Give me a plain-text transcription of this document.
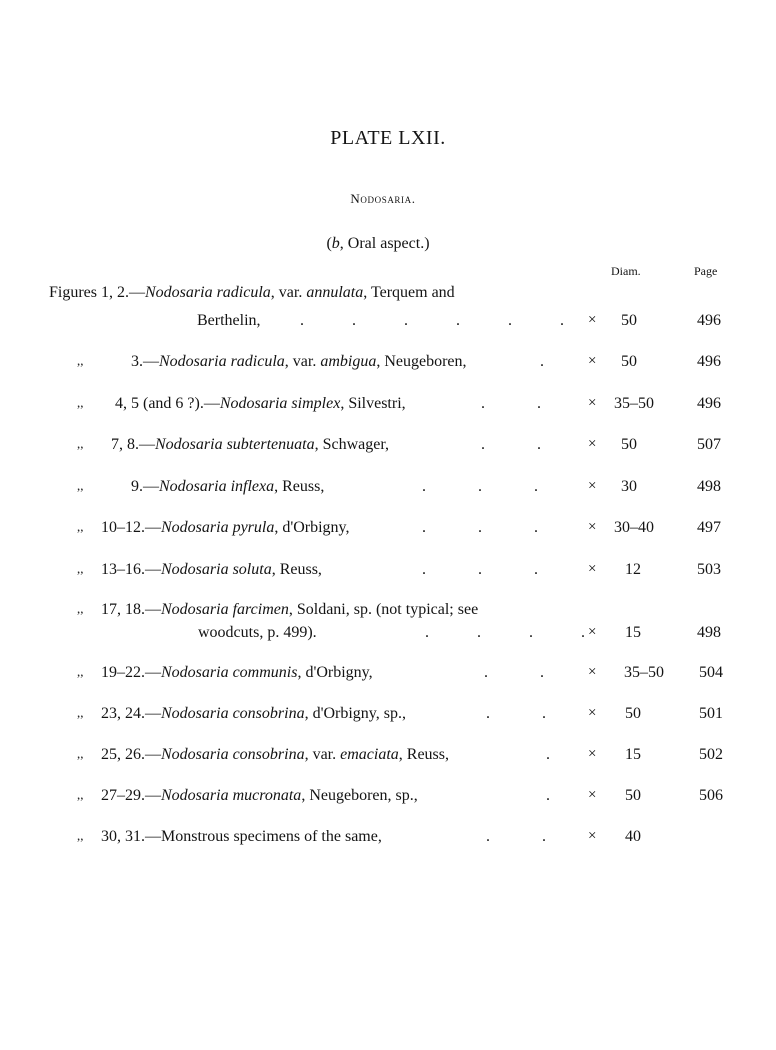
PLATE LXII.
Nodosaria.
(b, Oral aspect.)
Diam.	Page
Figures 1, 2.—Nodosaria radicula, var. annulata, Terquem and
Berthelin, .            .            .            .            .            . × 50	496
,,	3.—Nodosaria radicula, var. ambigua, Neugeboren,	.	× 50	496
,, 4, 5 (and 6 ?).—Nodosaria simplex, Silvestri,	.             .	× 35–50	496
,, 7, 8.—Nodosaria subtertenuata, Schwager,	.             .	× 50	507
,,	9.—Nodosaria inflexa, Reuss,	.             .             .	× 30	498
,, 10–12.—Nodosaria pyrula, d'Orbigny,	.             .             .	× 30–40	497
,, 13–16.—Nodosaria soluta, Reuss,	.             .             .	× 12	503
,, 17, 18.—Nodosaria farcimen, Soldani, sp. (not typical; see
woodcuts, p. 499).	.            .            .            . × 15	498
,, 19–22.—Nodosaria communis, d'Orbigny,	.             .	× 35–50 504
,, 23, 24.—Nodosaria consobrina, d'Orbigny, sp.,	.             .	× 50	501
,, 25, 26.—Nodosaria consobrina, var. emaciata, Reuss,	.	× 15	502
,, 27–29.—Nodosaria mucronata, Neugeboren, sp.,	.	× 50	506
,, 30, 31.—Monstrous specimens of the same,	.             .	× 40
